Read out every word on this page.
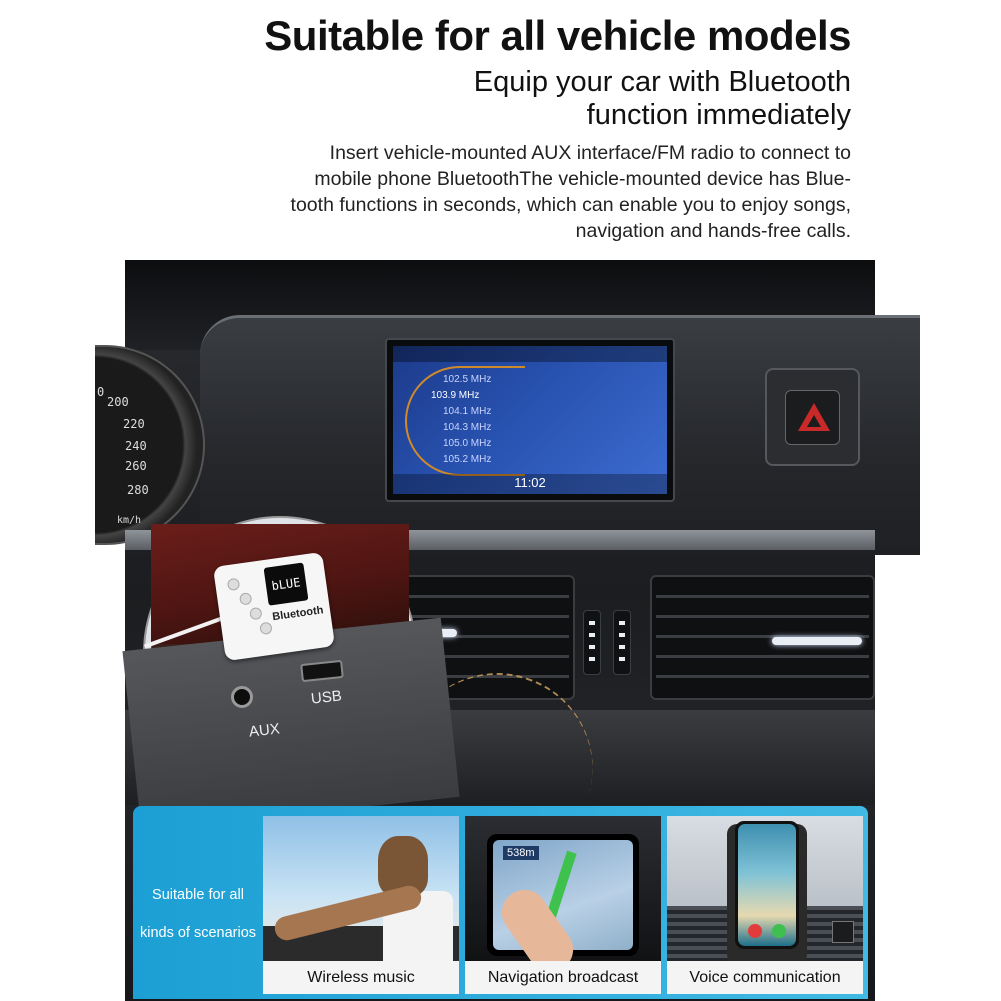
Suitable for all vehicle models
Equip your car with Bluetooth
function immediately
Insert vehicle-mounted AUX interface/FM radio to connect to
mobile phone BluetoothThe vehicle-mounted device has Blue-
tooth functions in seconds, which can enable you to enjoy songs,
navigation and hands-free calls.
0
200
220
240
260
280
km/h
102.5 MHz
103.9 MHz
104.1 MHz
104.3 MHz
105.0 MHz
105.2 MHz
11:02
bLUE
Bluetooth
USB
AUX
Suitable for all
kinds of scenarios
Wireless music
538m
Navigation broadcast	Voice communication
